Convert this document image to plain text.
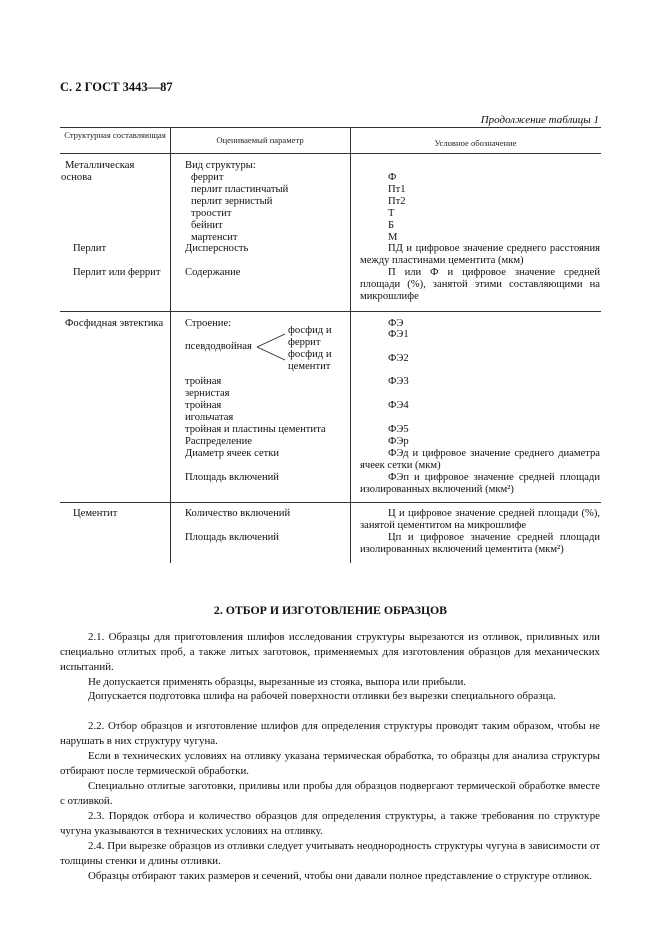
С. 2 ГОСТ 3443—87
Продолжение таблицы 1
Структурная составляющая	Оцениваемый параметр	Условное обозначение
Металлическая основа
Перлит
Перлит или феррит
Фосфидная эвтектика
Цементит
Вид структуры:
феррит
перлит пластинчатый
перлит зернистый
троостит
бейнит
мартенсит
Дисперсность
Содержание
Строение:
псевдодвойная
фосфид и феррит
фосфид и цементит
тройная зернистая
тройная игольчатая
тройная и пластины цементита
Распределение
Диаметр ячеек сетки
Площадь включений
Количество включений
Площадь включений
Ф
Пт1
Пт2
Т
Б
М
ПД и цифровое значение среднего расстояния между пластинами цементита (мкм)
П или Ф и цифровое значение средней площади (%), занятой этими составляющими на микрошлифе
ФЭ
ФЭ1
ФЭ2
ФЭ3
ФЭ4
ФЭ5
ФЭр
ФЭд и цифровое значение среднего диаметра ячеек сетки (мкм)
ФЭп и цифровое значение средней площади изолированных включений (мкм²)
Ц и цифровое значение средней площади (%), занятой цементитом на микрошлифе
Цп и цифровое значение средней площади изолированных включений цементита (мкм²)
2. ОТБОР И ИЗГОТОВЛЕНИЕ ОБРАЗЦОВ
2.1. Образцы для приготовления шлифов исследования структуры вырезаются из отливок, приливных или специально отлитых проб, а также литых заготовок, применяемых для изготовления образцов для механических испытаний.
Не допускается применять образцы, вырезанные из стояка, выпора или прибыли.
Допускается подготовка шлифа на рабочей поверхности отливки без вырезки специального образца.
2.2. Отбор образцов и изготовление шлифов для определения структуры проводят таким образом, чтобы не нарушать в них структуру чугуна.
Если в технических условиях на отливку указана термическая обработка, то образцы для анализа структуры отбирают после термической обработки.
Специально отлитые заготовки, приливы или пробы для образцов подвергают термической обработке вместе с отливкой.
2.3. Порядок отбора и количество образцов для определения структуры, а также требования по структуре чугуна указываются в технических условиях на отливку.
2.4. При вырезке образцов из отливки следует учитывать неоднородность структуры чугуна в зависимости от толщины стенки и длины отливки.
Образцы отбирают таких размеров и сечений, чтобы они давали полное представление о структуре отливок.
